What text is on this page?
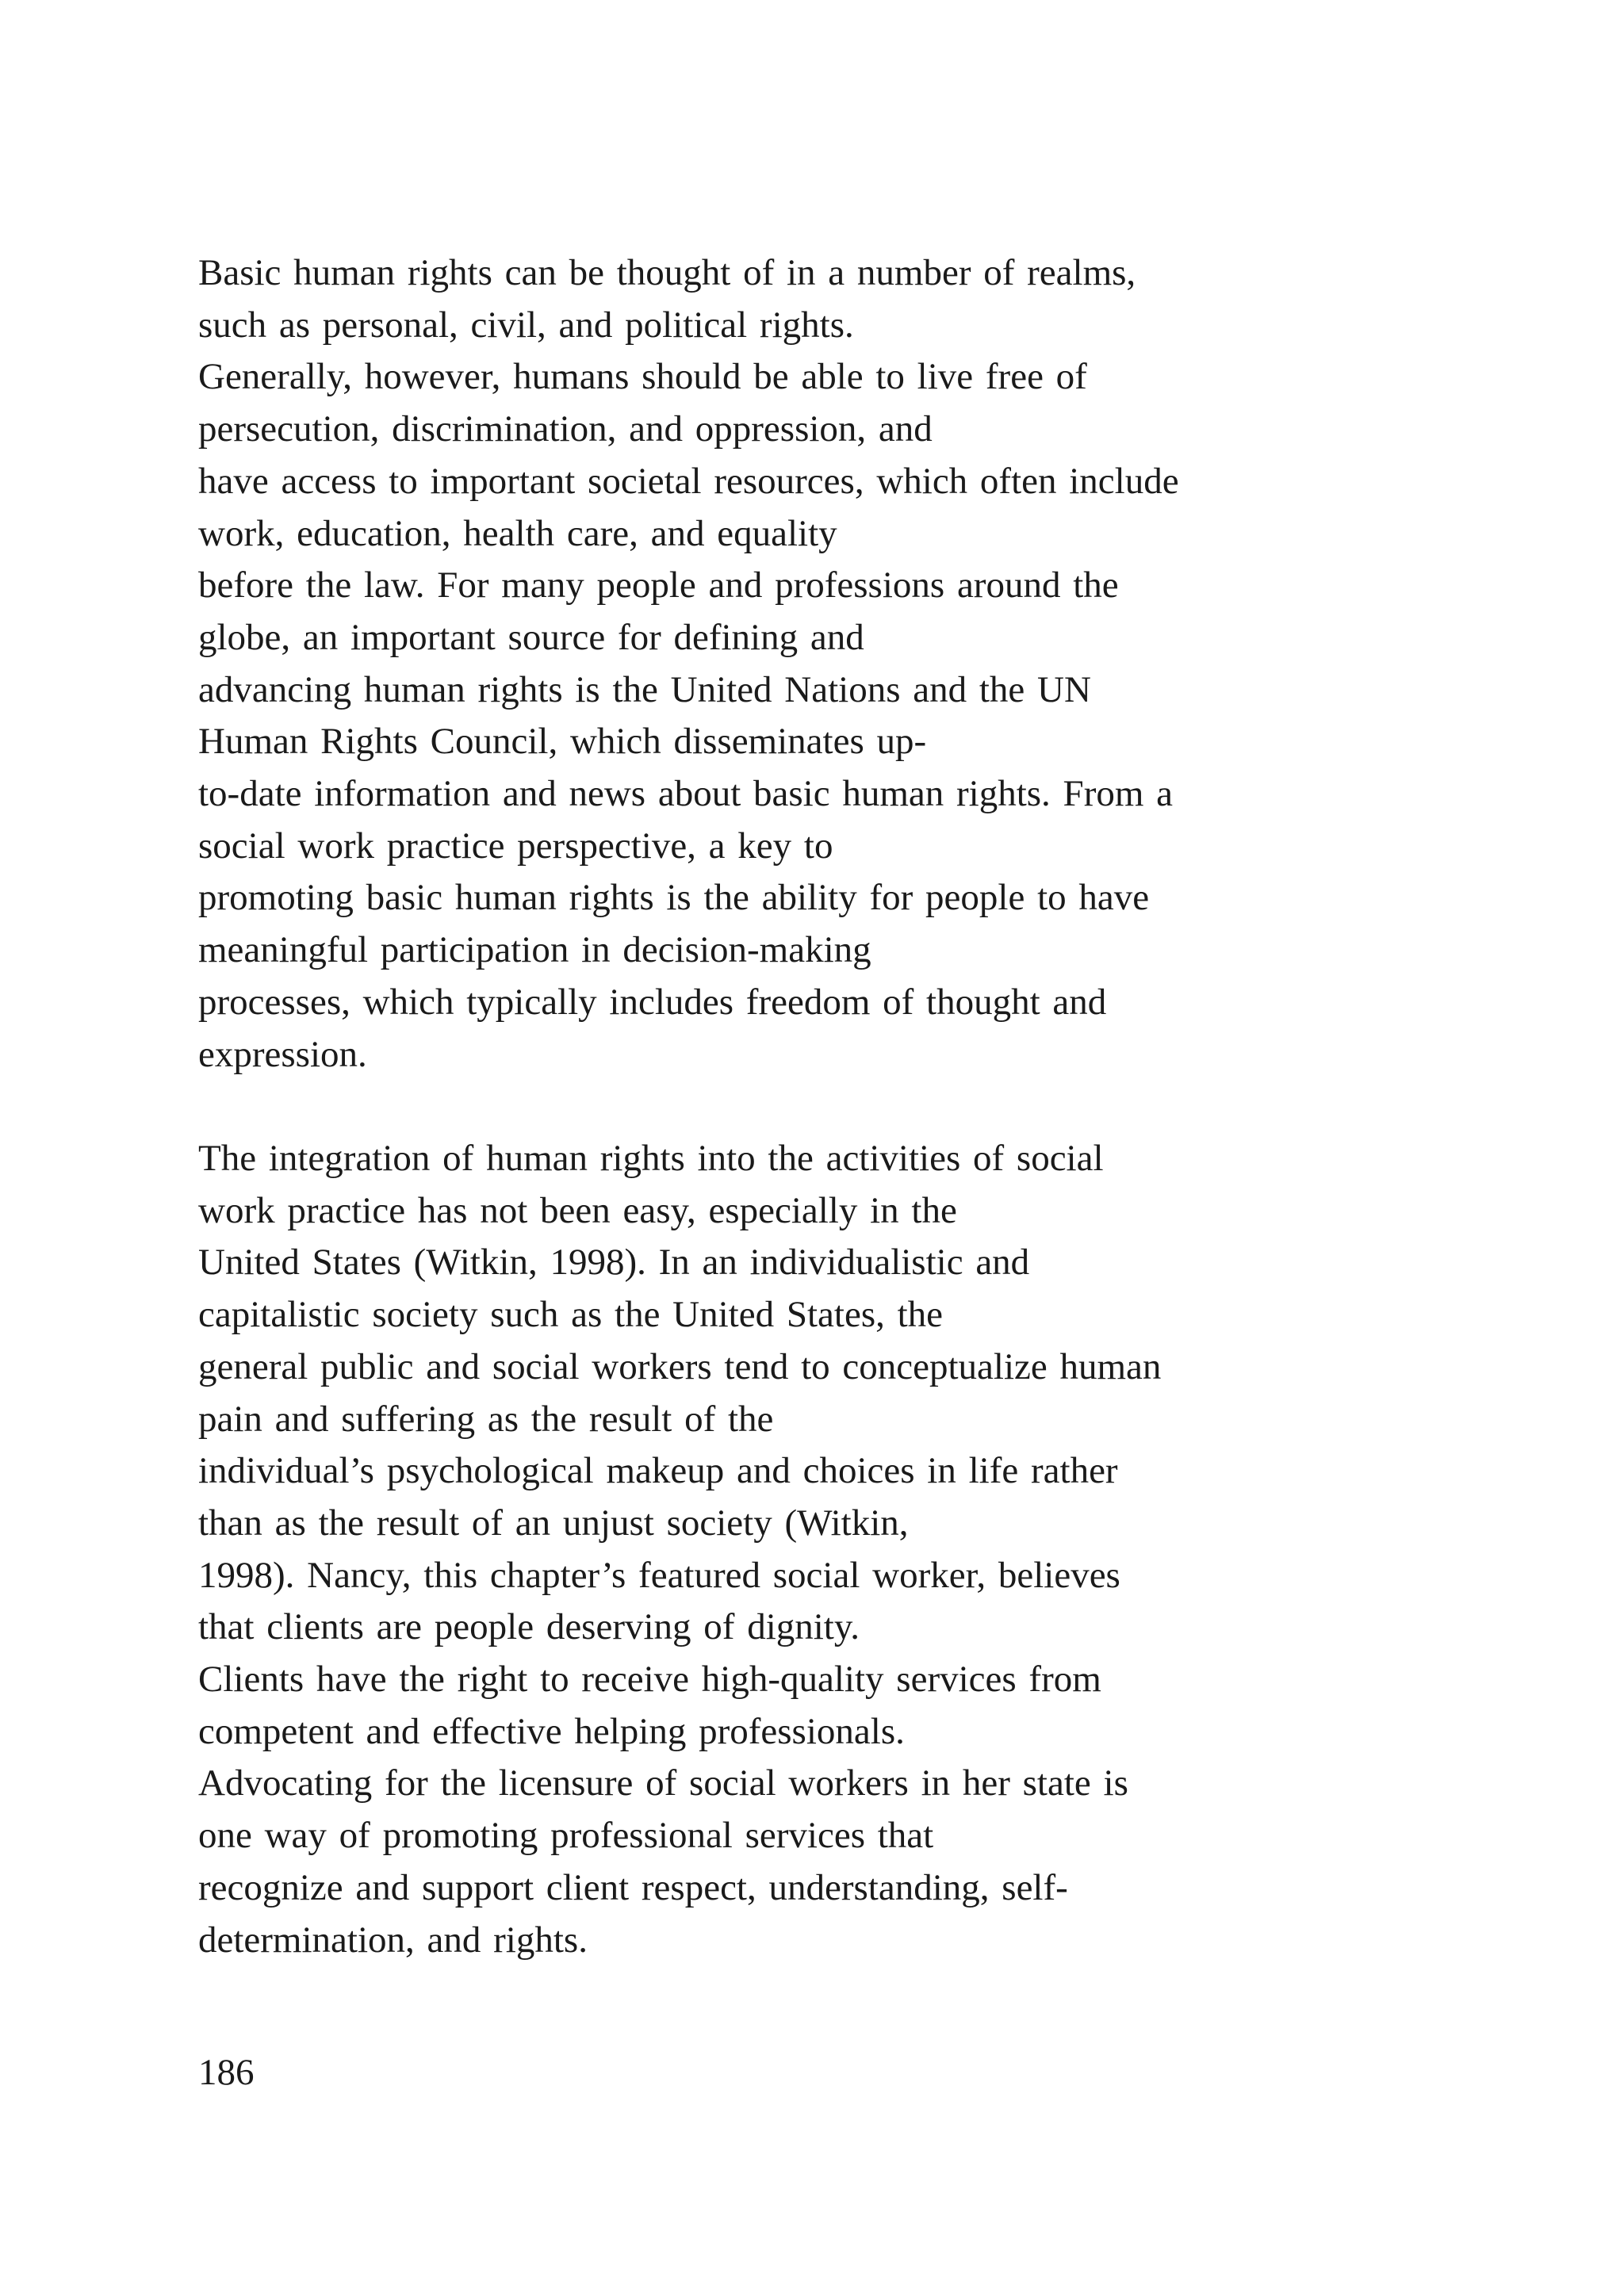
Basic human rights can be thought of in a number of realms,
such as personal, civil, and political rights.
Generally, however, humans should be able to live free of
persecution, discrimination, and oppression, and
have access to important societal resources, which often include
work, education, health care, and equality
before the law. For many people and professions around the
globe, an important source for defining and
advancing human rights is the United Nations and the UN
Human Rights Council, which disseminates up-
to-date information and news about basic human rights. From a
social work practice perspective, a key to
promoting basic human rights is the ability for people to have
meaningful participation in decision-making
processes, which typically includes freedom of thought and
expression.
The integration of human rights into the activities of social
work practice has not been easy, especially in the
United States (Witkin, 1998). In an individualistic and
capitalistic society such as the United States, the
general public and social workers tend to conceptualize human
pain and suffering as the result of the
individual’s psychological makeup and choices in life rather
than as the result of an unjust society (Witkin,
1998). Nancy, this chapter’s featured social worker, believes
that clients are people deserving of dignity.
Clients have the right to receive high-quality services from
competent and effective helping professionals.
Advocating for the licensure of social workers in her state is
one way of promoting professional services that
recognize and support client respect, understanding, self-
determination, and rights.
186
